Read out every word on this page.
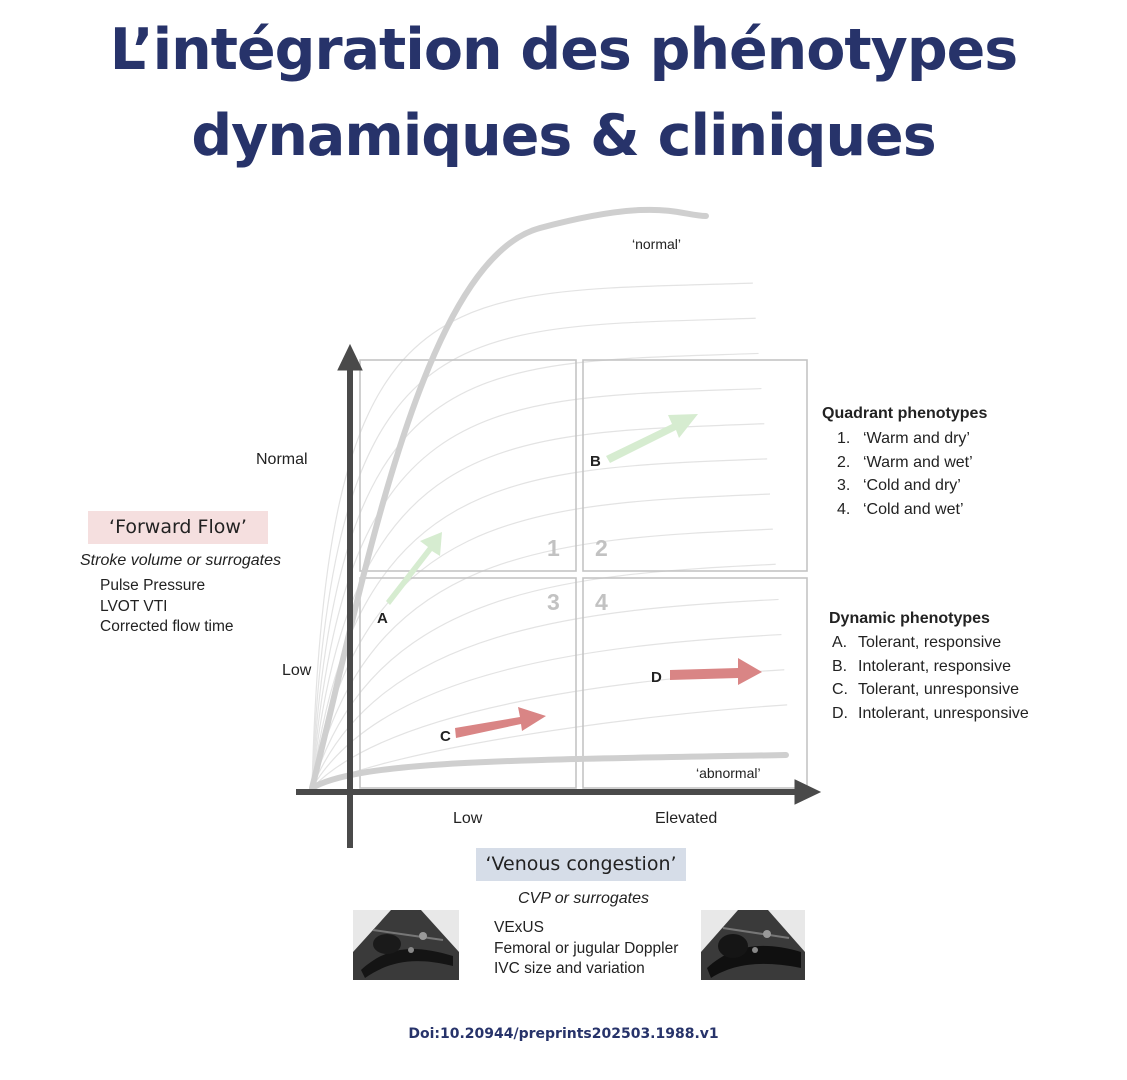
L’intégration des phénotypes
dynamiques & cliniques
‘normal’
‘abnormal’
1 2
3 4
A
B
C
D
Normal
Low
Low	Elevated
‘Forward Flow’
Stroke volume or surrogates
Pulse Pressure
LVOT VTI
Corrected flow time
‘Venous congestion’
CVP or surrogates
VExUS
Femoral or jugular Doppler
IVC size and variation
Quadrant phenotypes
1. ‘Warm and dry’
2. ‘Warm and wet’
3. ‘Cold and dry’
4. ‘Cold and wet’
Dynamic phenotypes
A. Tolerant, responsive
B. Intolerant, responsive
C. Tolerant, unresponsive
D. Intolerant, unresponsive
Doi:10.20944/preprints202503.1988.v1
